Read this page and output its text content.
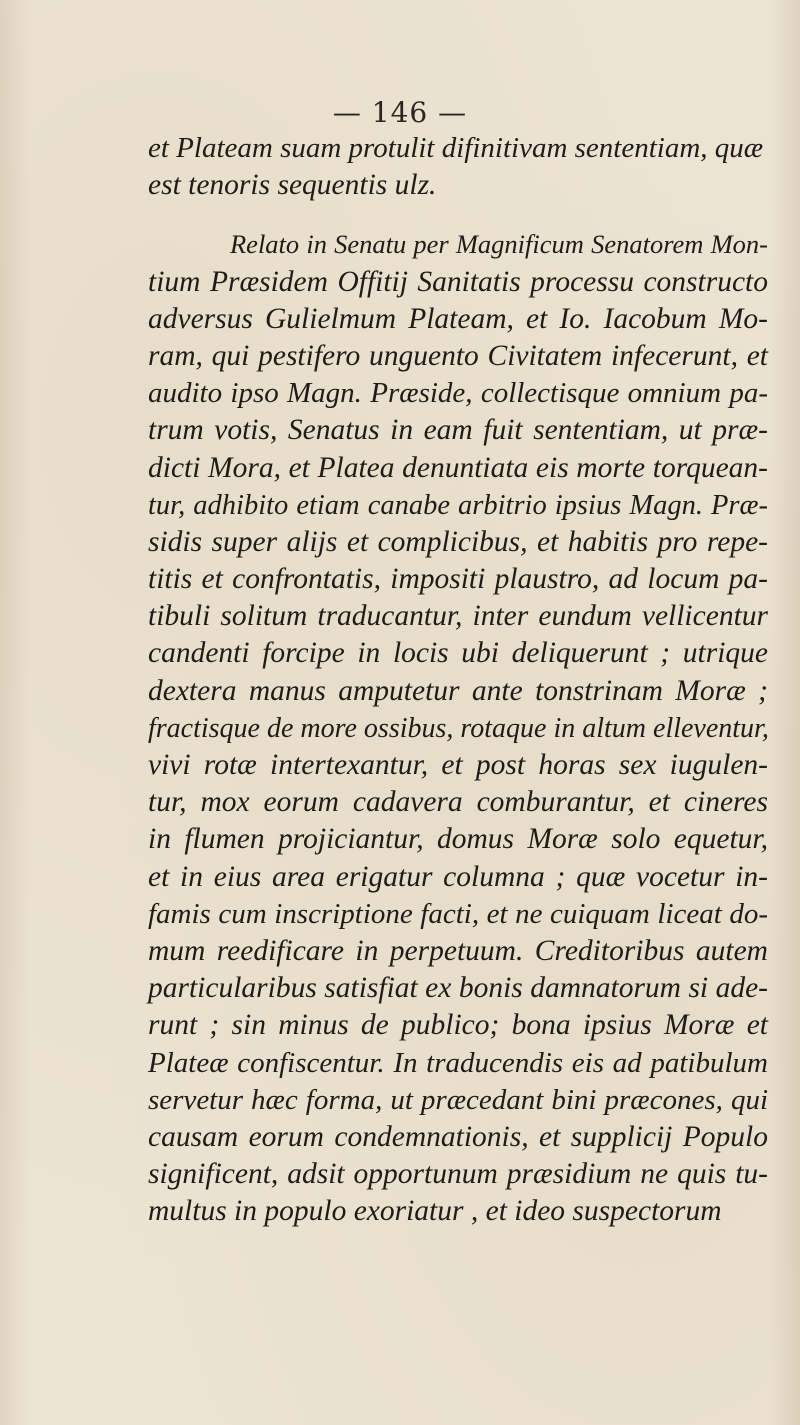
— 146 —
et Plateam suam protulit difinitivam sententiam, quæ
est tenoris sequentis ulz.
Relato in Senatu per Magnificum Senatorem Mon-
tium Præsidem Offitij Sanitatis processu constructo
adversus Gulielmum Plateam, et Io. Iacobum Mo-
ram, qui pestifero unguento Civitatem infecerunt, et
audito ipso Magn. Præside, collectisque omnium pa-
trum votis, Senatus in eam fuit sententiam, ut præ-
dicti Mora, et Platea denuntiata eis morte torquean-
tur, adhibito etiam canabe arbitrio ipsius Magn. Præ-
sidis super alijs et complicibus, et habitis pro repe-
titis et confrontatis, impositi plaustro, ad locum pa-
tibuli solitum traducantur, inter eundum vellicentur
candenti forcipe in locis ubi deliquerunt ; utrique
dextera manus amputetur ante tonstrinam Moræ ;
fractisque de more ossibus, rotaque in altum elleventur,
vivi rotæ intertexantur, et post horas sex iugulen-
tur, mox eorum cadavera comburantur, et cineres
in flumen projiciantur, domus Moræ solo equetur,
et in eius area erigatur columna ; quæ vocetur in-
famis cum inscriptione facti, et ne cuiquam liceat do-
mum reedificare in perpetuum. Creditoribus autem
particularibus satisfiat ex bonis damnatorum si ade-
runt ; sin minus de publico; bona ipsius Moræ et
Plateæ confiscentur. In traducendis eis ad patibulum
servetur hæc forma, ut præcedant bini præcones, qui
causam eorum condemnationis, et supplicij Populo
significent, adsit opportunum præsidium ne quis tu-
multus in populo exoriatur , et ideo suspectorum
